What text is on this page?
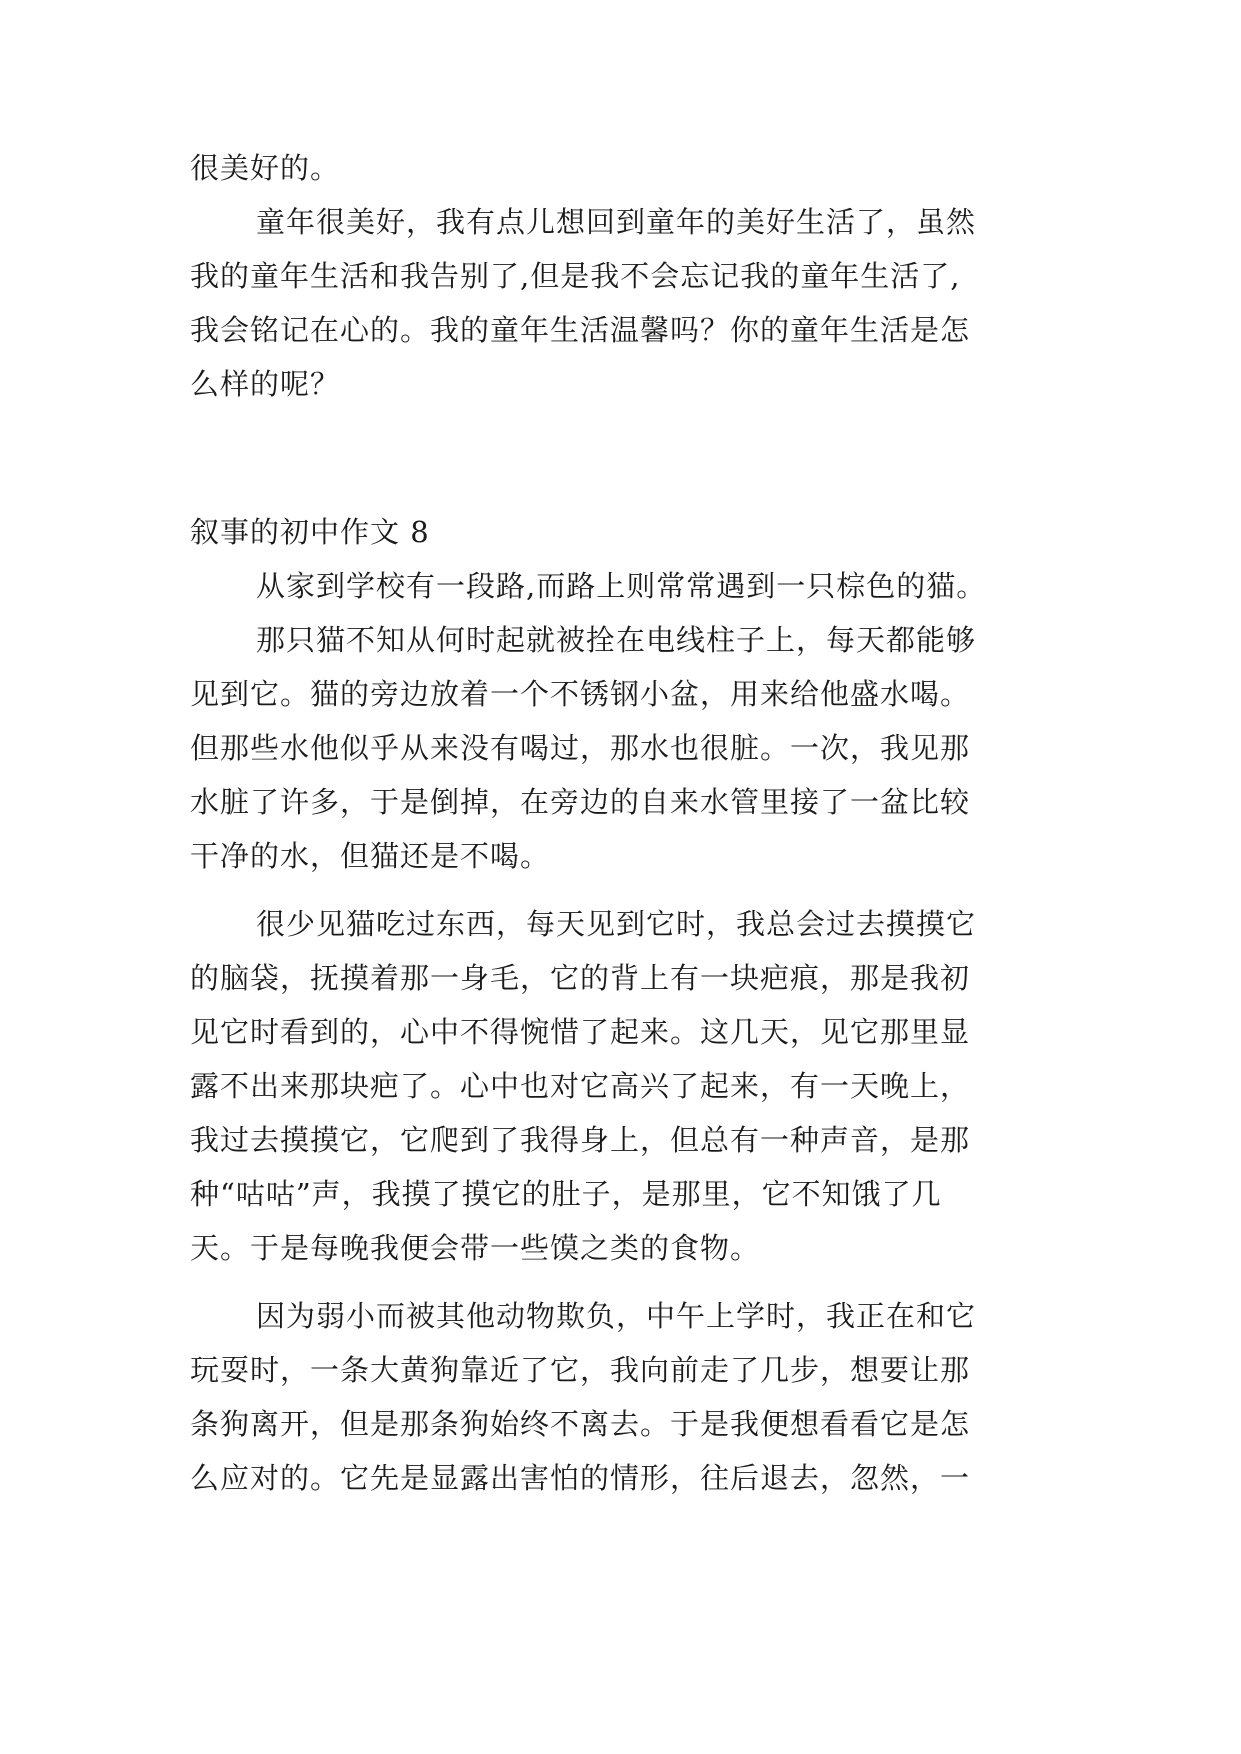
很美好的。
童年很美好，我有点儿想回到童年的美好生活了，虽然
我的童年生活和我告别了,但是我不会忘记我的童年生活了,
我会铭记在心的。我的童年生活温馨吗？你的童年生活是怎
么样的呢？
叙事的初中作文 8
从家到学校有一段路,而路上则常常遇到一只棕色的猫。
那只猫不知从何时起就被拴在电线柱子上，每天都能够
见到它。猫的旁边放着一个不锈钢小盆，用来给他盛水喝。
但那些水他似乎从来没有喝过，那水也很脏。一次，我见那
水脏了许多，于是倒掉，在旁边的自来水管里接了一盆比较
干净的水，但猫还是不喝。
很少见猫吃过东西，每天见到它时，我总会过去摸摸它
的脑袋，抚摸着那一身毛，它的背上有一块疤痕，那是我初
见它时看到的，心中不得惋惜了起来。这几天，见它那里显
露不出来那块疤了。心中也对它高兴了起来，有一天晚上，
我过去摸摸它，它爬到了我得身上，但总有一种声音，是那
种“咕咕”声，我摸了摸它的肚子，是那里，它不知饿了几
天。于是每晚我便会带一些馍之类的食物。
因为弱小而被其他动物欺负，中午上学时，我正在和它
玩耍时，一条大黄狗靠近了它，我向前走了几步，想要让那
条狗离开，但是那条狗始终不离去。于是我便想看看它是怎
么应对的。它先是显露出害怕的情形，往后退去，忽然，一
